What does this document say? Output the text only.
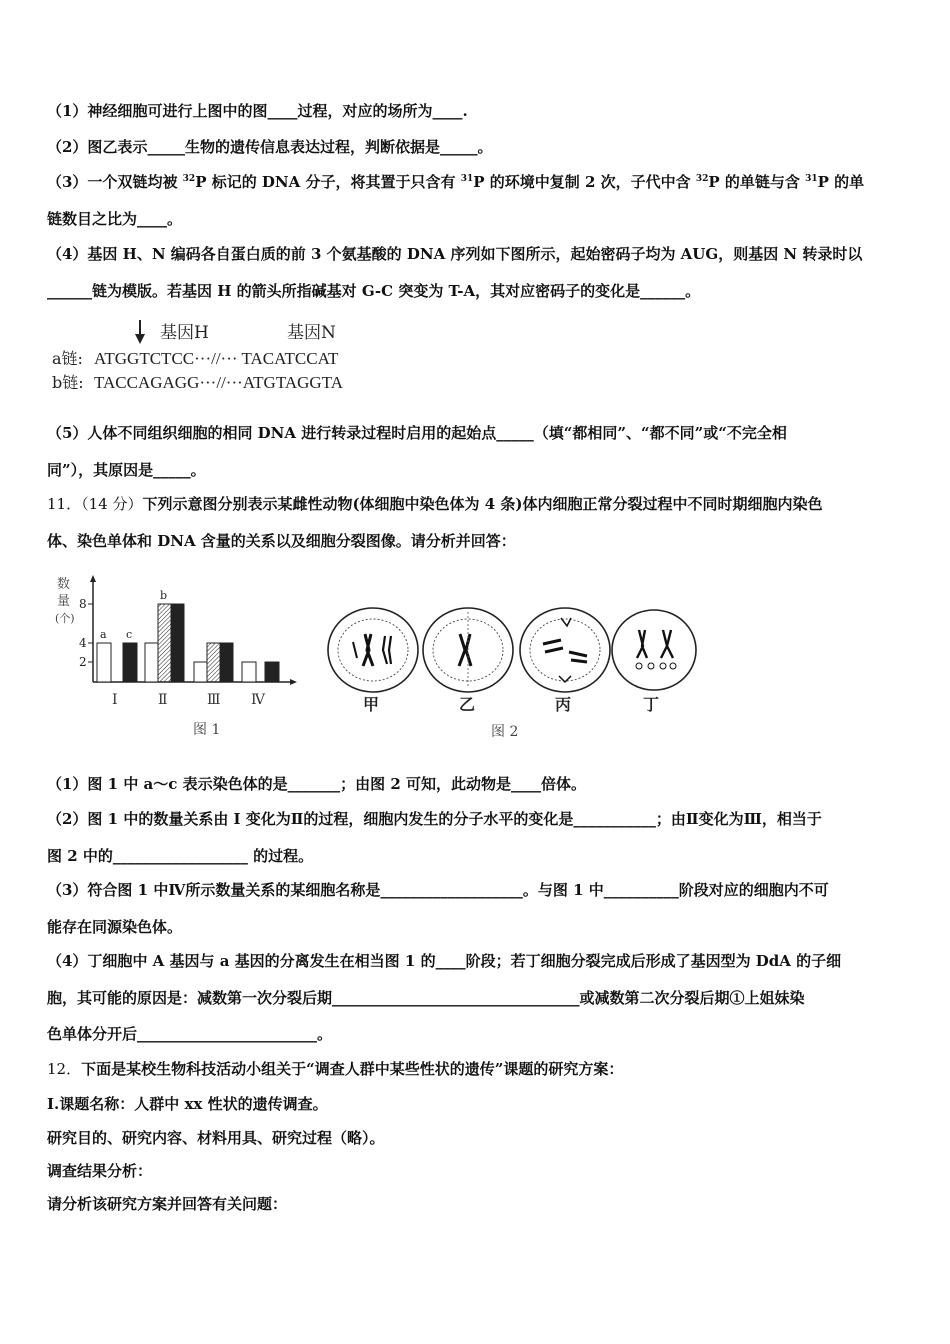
（1）神经细胞可进行上图中的图____过程，对应的场所为____.
（2）图乙表示_____生物的遗传信息表达过程，判断依据是_____。
（3）一个双链均被 $^{32}$P 标记的 DNA 分子，将其置于只含有 $^{31}$P 的环境中复制 2 次，子代中含 $^{32}$P 的单链与含 $^{31}$P 的单
链数目之比为____。
（4）基因 H、N 编码各自蛋白质的前 3 个氨基酸的 DNA 序列如下图所示，起始密码子均为 AUG，则基因 N 转录时以
______链为模版。若基因 H 的箭头所指碱基对 G-C 突变为 T-A，其对应密码子的变化是______。
基因H	基因N
a链: ATGGTCTCC···//··· TACATCCAT
b链: TACCAGAGG···//···ATGTAGGTA
（5）人体不同组织细胞的相同 DNA 进行转录过程时启用的起始点_____（填“都相同”、“都不同”或“不完全相
同”），其原因是_____。
11．（14 分）下列示意图分别表示某雌性动物(体细胞中染色体为 4 条)体内细胞正常分裂过程中不同时期细胞内染色
体、染色单体和 DNA 含量的关系以及细胞分裂图像。请分析并回答：
数
量
(个)
8
4
2
a c
b
Ⅰ	Ⅱ	Ⅲ Ⅳ
图 1
甲	乙	丙	丁
图 2
（1）图 1 中 a～c 表示染色体的是_______；由图 2 可知，此动物是____倍体。
（2）图 1 中的数量关系由 I 变化为Ⅱ的过程，细胞内发生的分子水平的变化是___________；由Ⅱ变化为Ⅲ，相当于
图 2 中的__________________ 的过程。
（3）符合图 1 中Ⅳ所示数量关系的某细胞名称是___________________。与图 1 中__________阶段对应的细胞内不可
能存在同源染色体。
（4）丁细胞中 A 基因与 a 基因的分离发生在相当图 1 的____阶段；若丁细胞分裂完成后形成了基因型为 DdA 的子细
胞，其可能的原因是：减数第一次分裂后期_________________________________或减数第二次分裂后期①上姐妹染
色单体分开后________________________。
12．下面是某校生物科技活动小组关于“调查人群中某些性状的遗传”课题的研究方案：
I.课题名称：人群中 xx 性状的遗传调查。
研究目的、研究内容、材料用具、研究过程（略）。
调查结果分析：
请分析该研究方案并回答有关问题：
